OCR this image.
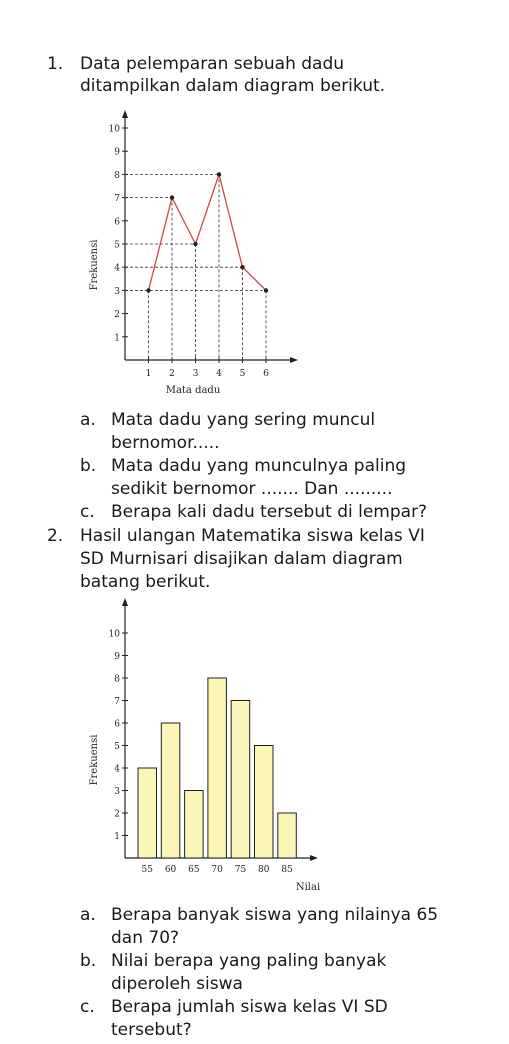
1. Data pelemparan sebuah dadu
ditampilkan dalam diagram berikut.
1
2
3
4
5
6
7
8
9
10
1 2 3 4 5 6
Mata dadu
Frekuensi
a. Mata dadu yang sering muncul
bernomor.....
b. Mata dadu yang munculnya paling
sedikit bernomor ....... Dan .........
c. Berapa kali dadu tersebut di lempar?
2. Hasil ulangan Matematika siswa kelas VI
SD Murnisari disajikan dalam diagram
batang berikut.
1
2
3
4
5
6
7
8
9
10
55 60 65 70 75 80 85
Nilai
Frekuensi
a. Berapa banyak siswa yang nilainya 65
dan 70?
b. Nilai berapa yang paling banyak
diperoleh siswa
c. Berapa jumlah siswa kelas VI SD
tersebut?
